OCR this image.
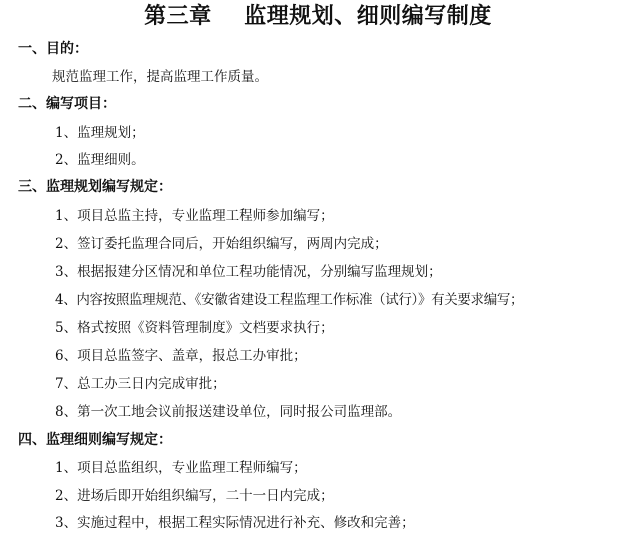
第三章    监理规划、细则编写制度
一、目的：
规范监理工作，提高监理工作质量。
二、编写项目：
1、监理规划；
2、监理细则。
三、监理规划编写规定：
1、项目总监主持，专业监理工程师参加编写；
2、签订委托监理合同后，开始组织编写，两周内完成；
3、根据报建分区情况和单位工程功能情况，分别编写监理规划；
4、内容按照监理规范、《安徽省建设工程监理工作标准（试行）》有关要求编写；
5、格式按照《资料管理制度》文档要求执行；
6、项目总监签字、盖章，报总工办审批；
7、总工办三日内完成审批；
8、第一次工地会议前报送建设单位，同时报公司监理部。
四、监理细则编写规定：
1、项目总监组织，专业监理工程师编写；
2、进场后即开始组织编写，二十一日内完成；
3、实施过程中，根据工程实际情况进行补充、修改和完善；
